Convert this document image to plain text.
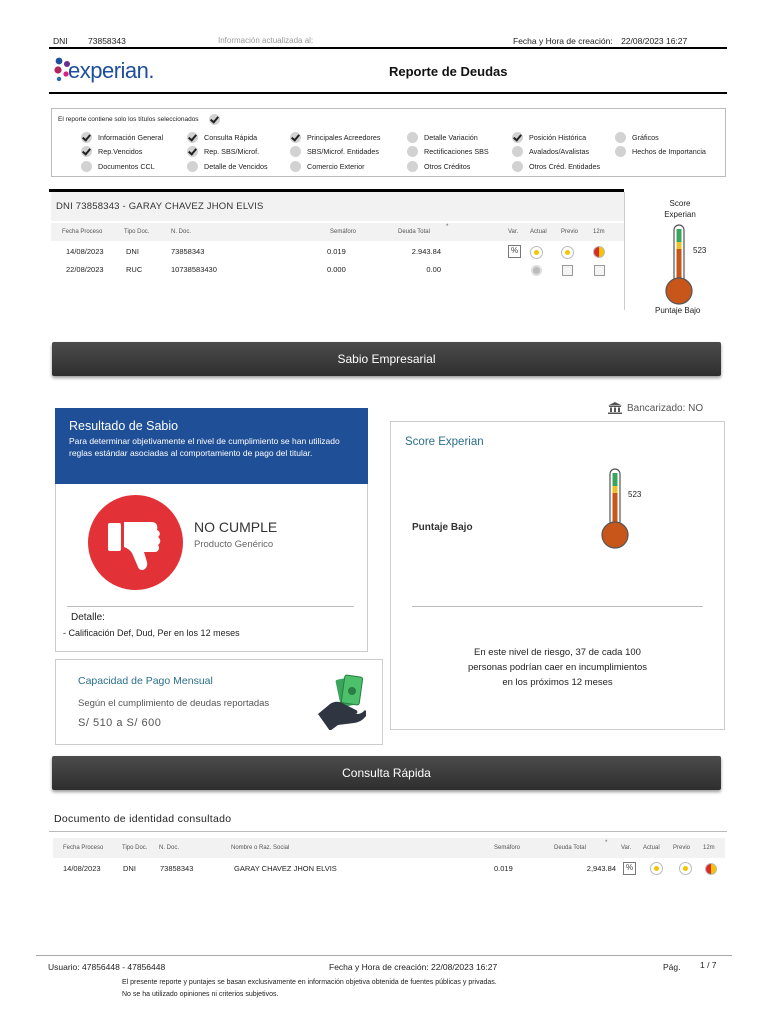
DNI 73858343	Información actualizada al:	Fecha y Hora de creación: 22/08/2023 16:27
experian.	Reporte de Deudas
El reporte contiene solo los títulos seleccionados
Información General	Consulta Rápida	Principales Acreedores	Detalle Variación	Posición Histórica	Gráficos
Rep.Vencidos	Rep. SBS/Microf.	SBS/Microf. Entidades	Rectificaciones SBS	Avalados/Avalistas	Hechos de Importancia
Documentos CCL	Detalle de Vencidos	Comercio Exterior	Otros Créditos	Otros Créd. Entidades
DNI 73858343 - GARAY CHAVEZ JHON ELVIS
Fecha Proceso	Tipo Doc.	N. Doc.	Semáforo	Deuda Total	Var. Actual Previo 12m
14/08/2023	DNI	73858343	0.019	2.943.84
22/08/2023	RUC	10738583430	0.000	0.00
%
*
Score
Experian
523
Puntaje Bajo
Sabio Empresarial
Bancarizado: NO
Resultado de Sabio
Para determinar objetivamente el nivel de cumplimiento se han utilizado reglas estándar asociadas al comportamiento de pago del titular.
NO CUMPLE
Producto Genérico
Detalle:
- Calificación Def, Dud, Per en los 12 meses
Capacidad de Pago Mensual
Según el cumplimiento de deudas reportadas
S/ 510 a S/ 600
Score Experian
Puntaje Bajo
523
En este nivel de riesgo, 37 de cada 100
personas podrían caer en incumplimientos
en los próximos 12 meses
Consulta Rápida
Documento de identidad consultado
Fecha Proceso	Tipo Doc. N. Doc.	Nombre o Raz. Social	Semáforo	Deuda Total	Var. Actual Previo 12m
14/08/2023	DNI	73858343	GARAY CHAVEZ JHON ELVIS	0.019	2,943.84
%
*
Usuario: 47856448 - 47856448	Fecha y Hora de creación: 22/08/2023 16:27	Pág. 1 / 7
El presente reporte y puntajes se basan exclusivamente en información objetiva obtenida de fuentes públicas y privadas.
No se ha utilizado opiniones ni criterios subjetivos.
